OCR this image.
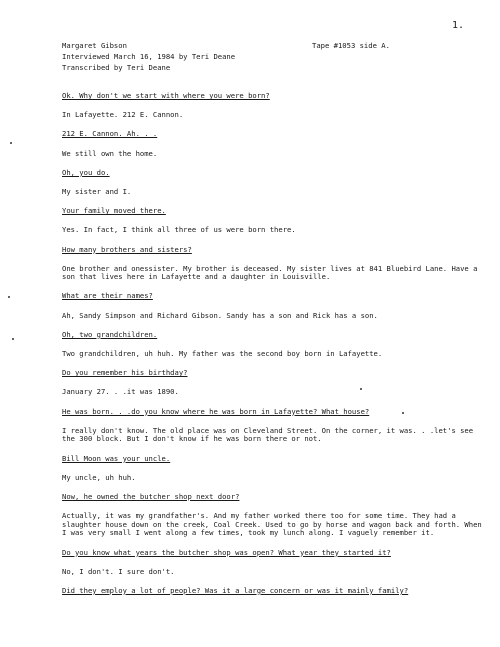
1.
Margaret Gibson	Tape #1053 side A.
Interviewed March 16, 1984 by Teri Deane
Transcribed by Teri Deane
Ok. Why don't we start with where you were born?
In Lafayette. 212 E. Cannon.
212 E. Cannon. Ah. . .
We still own the home.
Oh, you do.
My sister and I.
Your family moved there.
Yes. In fact, I think all three of us were born there.
How many brothers and sisters?
One brother and onessister. My brother is deceased. My sister lives at 841 Bluebird Lane. Have a son that lives here in Lafayette and a daughter in Louisville.
What are their names?
Ah, Sandy Simpson and Richard Gibson. Sandy has a son and Rick has a son.
Oh, two grandchildren.
Two grandchildren, uh huh. My father was the second boy born in Lafayette.
Do you remember his birthday?
January 27. . .it was 1890.
He was born. . .do you know where he was born in Lafayette? What house?
I really don't know. The old place was on Cleveland Street. On the corner, it was. . .let's see the 300 block. But I don't know if he was born there or not.
Bill Moon was your uncle.
My uncle, uh huh.
Now, he owned the butcher shop next door?
Actually, it was my grandfather's. And my father worked there too for some time. They had a slaughter house down on the creek, Coal Creek. Used to go by horse and wagon back and forth. When I was very small I went along a few times, took my lunch along. I vaguely remember it.
Do you know what years the butcher shop was open? What year they started it?
No, I don't. I sure don't.
Did they employ a lot of people? Was it a large concern or was it mainly family?
